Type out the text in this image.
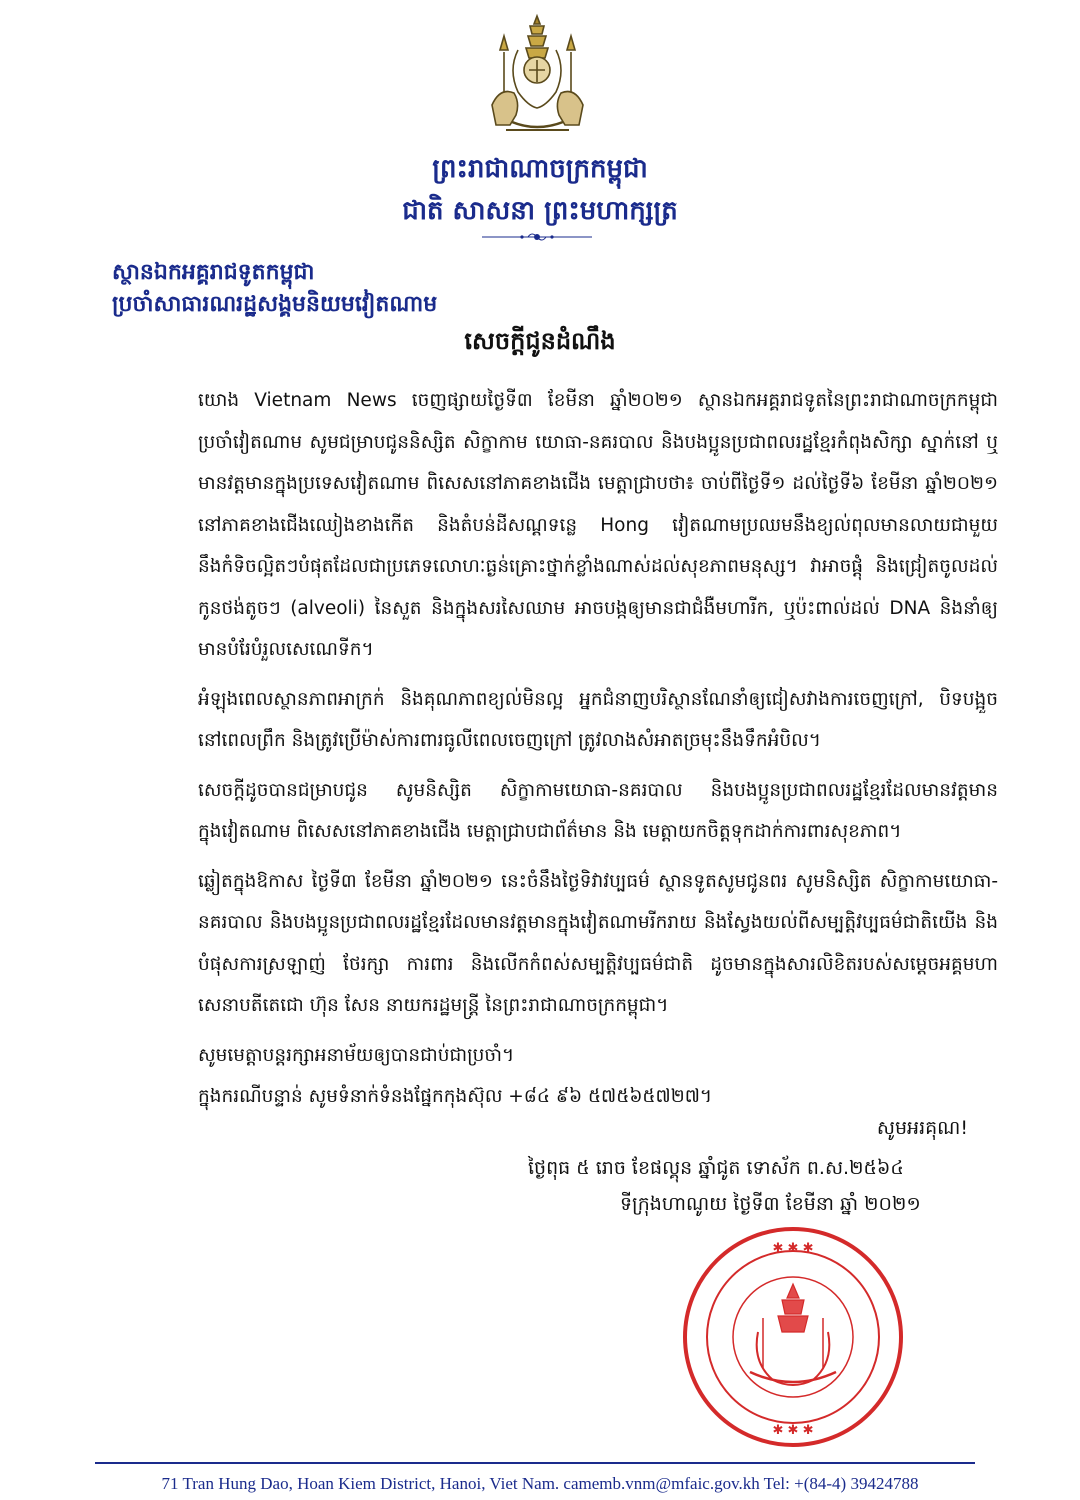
ព្រះរាជាណាចក្រកម្ពុជា
ជាតិ សាសនា ព្រះមហាក្សត្រ
ស្ថានឯកអគ្គរាជទូតកម្ពុជា
ប្រចាំសាធារណរដ្ឋសង្គមនិយមវៀតណាម
សេចក្តីជូនដំណឹង

យោង Vietnam News ចេញផ្សាយថ្ងៃទី៣ ខែមីនា ឆ្នាំ២០២១ ស្ថានឯកអគ្គរាជទូតនៃព្រះរាជាណាចក្រកម្ពុជាប្រចាំវៀតណាម សូមជម្រាបជូននិស្សិត សិក្ខាកាម យោធា-នគរបាល និងបងប្អូនប្រជាពលរដ្ឋខ្មែរកំពុងសិក្សា ស្នាក់នៅ ឬមានវត្តមានក្នុងប្រទេសវៀតណាម ពិសេសនៅភាគខាងជើង មេត្តាជ្រាបថា៖ ចាប់ពីថ្ងៃទី១ ដល់ថ្ងៃទី៦ ខែមីនា ឆ្នាំ២០២១ នៅភាគខាងជើងឈៀងខាងកើត និងតំបន់ដីសណ្តទន្លេ Hong វៀតណាមប្រឈមនឹងខ្យល់ពុលមានលាយជាមួយនឹងកំទិចល្អិតៗបំផុតដែលជាប្រភេទលោហៈធ្ងន់គ្រោះថ្នាក់ខ្លាំងណាស់ដល់សុខភាពមនុស្ស។ វាអាចផ្តុំ និងជ្រៀតចូលដល់កូនថង់តូចៗ (alveoli) នៃសួត និងក្នុងសរសៃឈាម អាចបង្កឲ្យមានជាជំងឺមហារីក, ឬប៉ះពាល់ដល់ DNA និងនាំឲ្យមានបំរែបំរួលសេណេទីក។

អំឡុងពេលស្ថានភាពអាក្រក់ និងគុណភាពខ្យល់មិនល្អ អ្នកជំនាញបរិស្ថានណែនាំឲ្យជៀសវាងការចេញក្រៅ, បិទបង្អួចនៅពេលព្រឹក និងត្រូវប្រើម៉ាស់ការពារធូលីពេលចេញក្រៅ ត្រូវលាងសំអាតច្រមុះនឹងទឹកអំបិល។

សេចក្តីដូចបានជម្រាបជូន សូមនិស្សិត សិក្ខាកាមយោធា-នគរបាល និងបងប្អូនប្រជាពលរដ្ឋខ្មែរដែលមានវត្តមានក្នុងវៀតណាម ពិសេសនៅភាគខាងជើង មេត្តាជ្រាបជាព័ត៌មាន និង មេត្តាយកចិត្តទុកដាក់ការពារសុខភាព។

ឆ្លៀតក្នុងឱកាស ថ្ងៃទី៣ ខែមីនា ឆ្នាំ២០២១ នេះចំនឹងថ្ងៃទិវាវប្បធម៌ ស្ថានទូតសូមជូនពរ សូមនិស្សិត សិក្ខាកាមយោធា-នគរបាល និងបងប្អូនប្រជាពលរដ្ឋខ្មែរដែលមានវត្តមានក្នុងវៀតណាមរីករាយ និងស្វែងយល់ពីសម្បត្តិវប្បធម៌ជាតិយើង និងបំផុសការស្រឡាញ់ ថែរក្សា ការពារ និងលើកកំពស់សម្បត្តិវប្បធម៌ជាតិ ដូចមានក្នុងសារលិខិតរបស់សម្តេចអគ្គមហាសេនាបតីតេជោ ហ៊ុន សែន នាយករដ្ឋមន្រ្តី នៃព្រះរាជាណាចក្រកម្ពុជា។

សូមមេត្តាបន្តរក្សាអនាម័យឲ្យបានជាប់ជាប្រចាំ។

ក្នុងករណីបន្ទាន់ សូមទំនាក់ទំនងផ្នែកកុងស៊ុល +៨៤ ៩៦ ៥៧៥៦៥៧២៧។

សូមអរគុណ!
ថ្ងៃពុធ ៥ រោច ខែផល្គុន ឆ្នាំជូត ទោស័ក ព.ស.២៥៦៤
ទីក្រុងហាណូយ ថ្ងៃទី៣ ខែមីនា ឆ្នាំ ២០២១
✱ ✱ ✱
✱ ✱ ✱
71 Tran Hung Dao, Hoan Kiem District, Hanoi, Viet Nam. camemb.vnm@mfaic.gov.kh Tel: +(84-4) 39424788
